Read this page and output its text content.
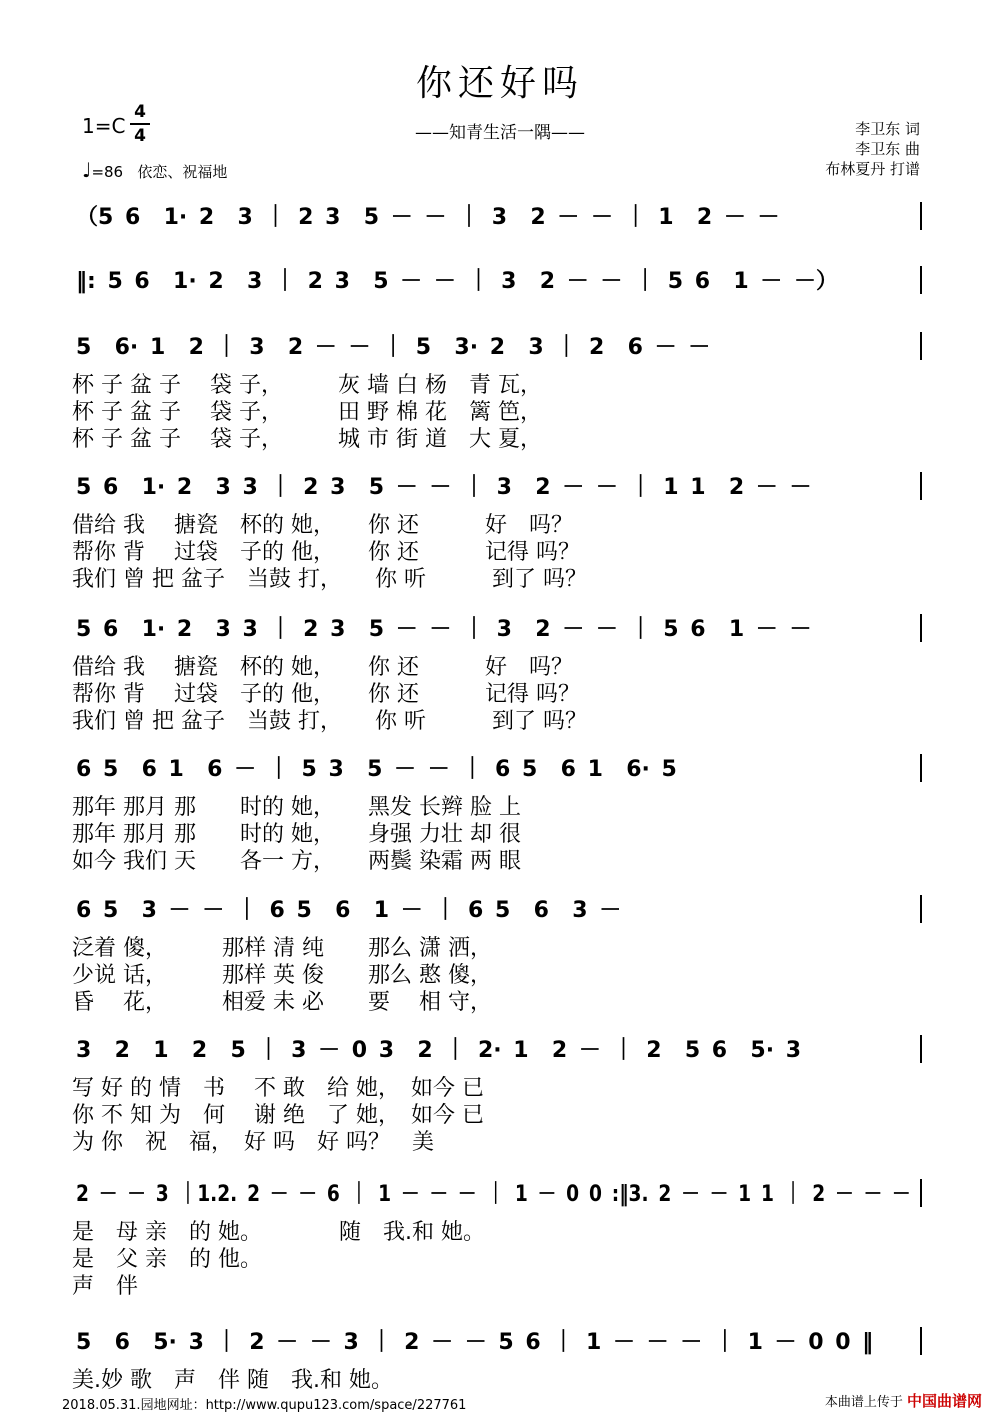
你还好吗
——知青生活一隅——
1=C
4
4
♩=86 依恋、祝福地
李卫东 词
李卫东 曲
布林夏丹 打谱
（5 6  1· 2  3 ｜ 2 3  5 － － ｜ 3  2 － － ｜ 1  2 － －
‖: 5 6  1· 2  3 ｜ 2 3  5 － － ｜ 3  2 － － ｜ 5 6  1 － －）
5  6· 1  2 ｜ 3  2 － － ｜ 5  3· 2  3 ｜ 2  6 － －
杯 子 盆 子　 袋 子，　　　灰 墙 白 杨　青 瓦，
杯 子 盆 子　 袋 子，　　　田 野 棉 花　篱 笆，
杯 子 盆 子　 袋 子，　　　城 市 街 道　大 夏，
5 6  1· 2  3 3 ｜ 2 3  5 － － ｜ 3  2 － － ｜ 1 1  2 － －
借给 我　 搪瓷　杯的 她，　　你 还　　　好　吗？
帮你 背　 过袋　子的 他，　　你 还　　　记得 吗？
我们 曾 把 盆子　当鼓 打，　　你 听　　　到了 吗？
5 6  1· 2  3 3 ｜ 2 3  5 － － ｜ 3  2 － － ｜ 5 6  1 － －
借给 我　 搪瓷　杯的 她，　　你 还　　　好　吗？
帮你 背　 过袋　子的 他，　　你 还　　　记得 吗？
我们 曾 把 盆子　当鼓 打，　　你 听　　　到了 吗？
6 5  6 1  6 － ｜ 5 3  5 － － ｜ 6 5  6 1  6· 5
那年 那月 那　　时的 她，　　黑发 长辫 脸 上
那年 那月 那　　时的 她，　　身强 力壮 却 很
如今 我们 天　　各一 方，　　两鬓 染霜 两 眼
6 5  3 － － ｜ 6 5  6  1 － ｜ 6 5  6  3 －
泛着 傻，　　　那样 清 纯　　那么 潇 洒，
少说 话，　　　那样 英 俊　　那么 憨 傻，
昏　 花，　　　相爱 未 必　　要　 相 守，
3  2  1  2  5 ｜ 3 － 0 3  2 ｜ 2· 1  2 － ｜ 2  5 6  5· 3
写 好 的 情　书　 不 敢　给 她，　如今 已
你 不 知 为　何　 谢 绝　了 她，　如今 已
为 你　祝　福，　好 吗　好 吗？　美
2 － － 3 ｜1.2. 2 － － 6 ｜ 1 － － － ｜ 1 － 0 0 :‖3. 2 － － 1 1 ｜ 2 － － －
是　母 亲　的 她。　　　　随　我.和 她。
是　父 亲　的 他。
声　伴
5  6  5· 3 ｜ 2 － － 3 ｜ 2 － － 5 6 ｜ 1 － － － ｜ 1 － 0 0 ‖
美.妙 歌　声　伴 随　我.和 她。
2018.05.31.园地网址：http://www.qupu123.com/space/227761	本曲谱上传于 中国曲谱网
